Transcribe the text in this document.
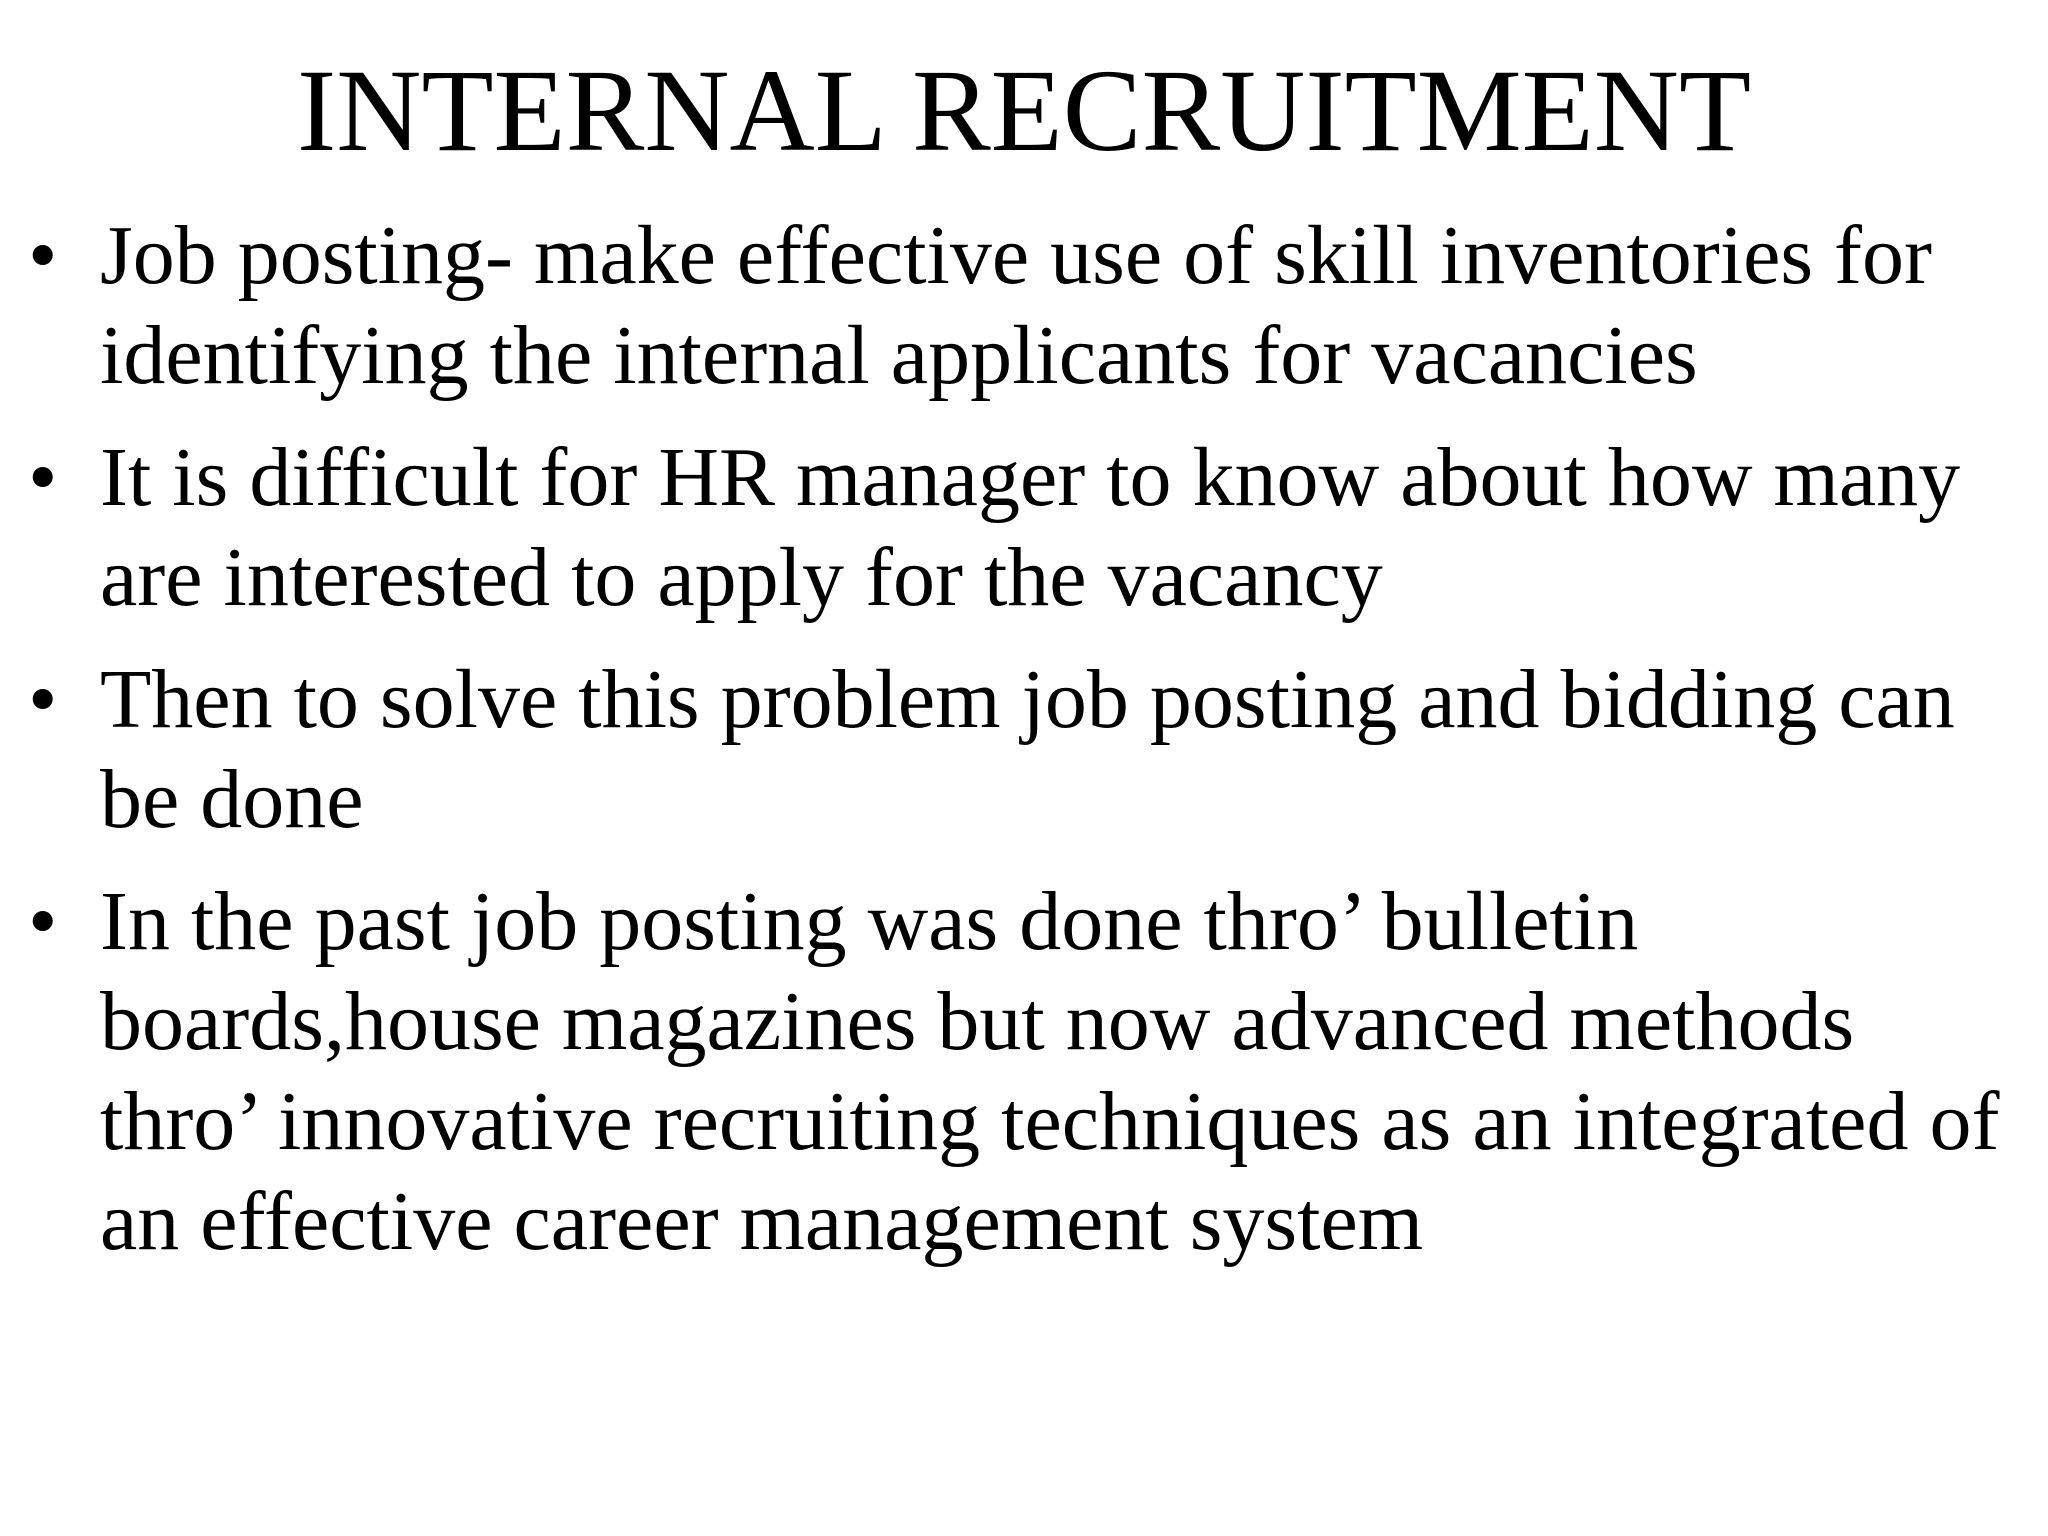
INTERNAL RECRUITMENT
• Job posting- make effective use of skill inventories for identifying the internal applicants for vacancies
• It is difficult for HR manager to know about how many are interested to apply for the vacancy
• Then to solve this problem job posting and bidding can be done
• In the past job posting was done thro’ bulletin boards,house magazines but now advanced methods thro’ innovative recruiting techniques as an integrated of an effective career management system
